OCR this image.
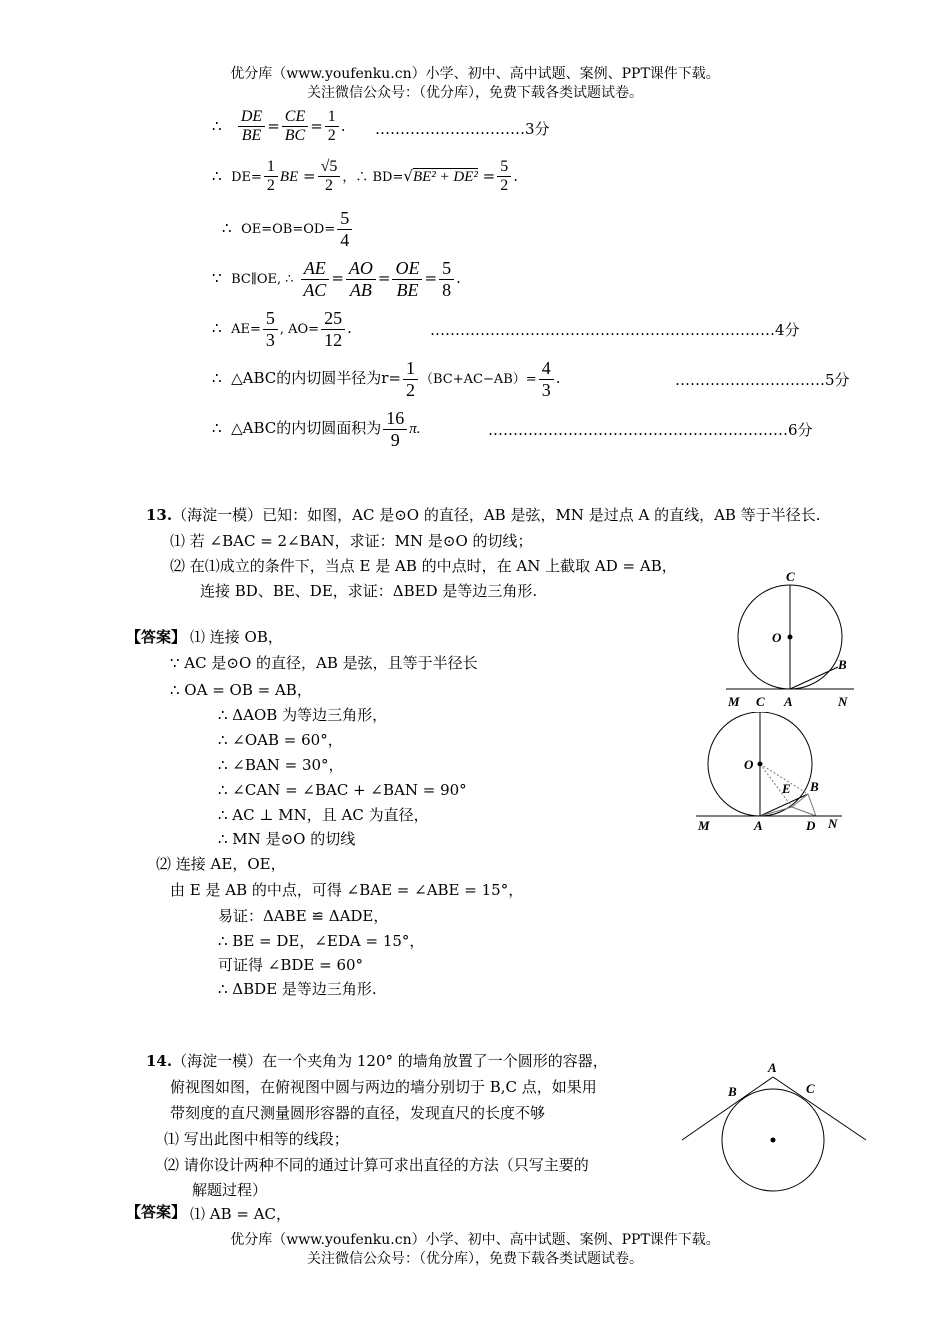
优分库（www.youfenku.cn）小学、初中、高中试题、案例、PPT课件下载。
关注微信公众号：（优分库），免费下载各类试题试卷。
∴ $\frac{DE}{BE} = \frac{CE}{BC} = \frac{1}{2}$ . …………………………3分
∴ $DE= \frac{1}{2}$ BE = $\frac{√5}{2}$ ，∴ $BD=√BE^2 + DE^2 = \frac{5}{2}$ .
∴ $OE=OB=OD= \frac{5}{4}$
∵ BC∥OE, ∴ $\frac{AE}{AC} = \frac{AO}{AB} = \frac{OE}{BE} = \frac{5}{8}$ .
∴ $AE= \frac{5}{3}$ , $AO= \frac{25}{12}$ .	……………………………………………………………4分
∴ △ABC的内切圆半径为$r= \frac{1}{2} (BC+AC-AB)= \frac{4}{3}$ .	…………………………5分
∴ △ABC的内切圆面积为 $\frac{16}{9} \pi$.	……………………………………………………6分
13.（海淀一模）已知：如图，AC 是⊙O 的直径，AB 是弦，MN 是过点 A 的直线，AB 等于半径长.
⑴ 若 ∠BAC = 2∠BAN，求证：MN 是⊙O 的切线；
⑵ 在⑴成立的条件下，当点 E 是 AB 的中点时，在 AN 上截取 AD = AB，
连接 BD、BE、DE，求证：ΔBED 是等边三角形.
【答案】 ⑴ 连接 OB，
∵ AC 是⊙O 的直径，AB 是弦，且等于半径长
∴ OA = OB = AB，
∴ ΔAOB 为等边三角形，
∴ ∠OAB = 60°，
∴ ∠BAN = 30°，
∴ ∠CAN = ∠BAC + ∠BAN = 90°
∴ AC ⊥ MN，且 AC 为直径，
∴ MN 是⊙O 的切线
⑵ 连接 AE，OE，
由 E 是 AB 的中点，可得 ∠BAE = ∠ABE = 15°，
易证：ΔABE ≌ ΔADE，
∴ BE = DE，∠EDA = 15°，
可证得 ∠BDE = 60°
∴ ΔBDE 是等边三角形.
C
O
B
M C A	N
O
E B
M	A	D N
14.（海淀一模）在一个夹角为 120° 的墙角放置了一个圆形的容器，
俯视图如图，在俯视图中圆与两边的墙分别切于 B,C 点，如果用
带刻度的直尺测量圆形容器的直径，发现直尺的长度不够
⑴ 写出此图中相等的线段；
⑵ 请你设计两种不同的通过计算可求出直径的方法（只写主要的
解题过程）
【答案】 ⑴ AB = AC，
A
B	C
优分库（www.youfenku.cn）小学、初中、高中试题、案例、PPT课件下载。
关注微信公众号：（优分库），免费下载各类试题试卷。
